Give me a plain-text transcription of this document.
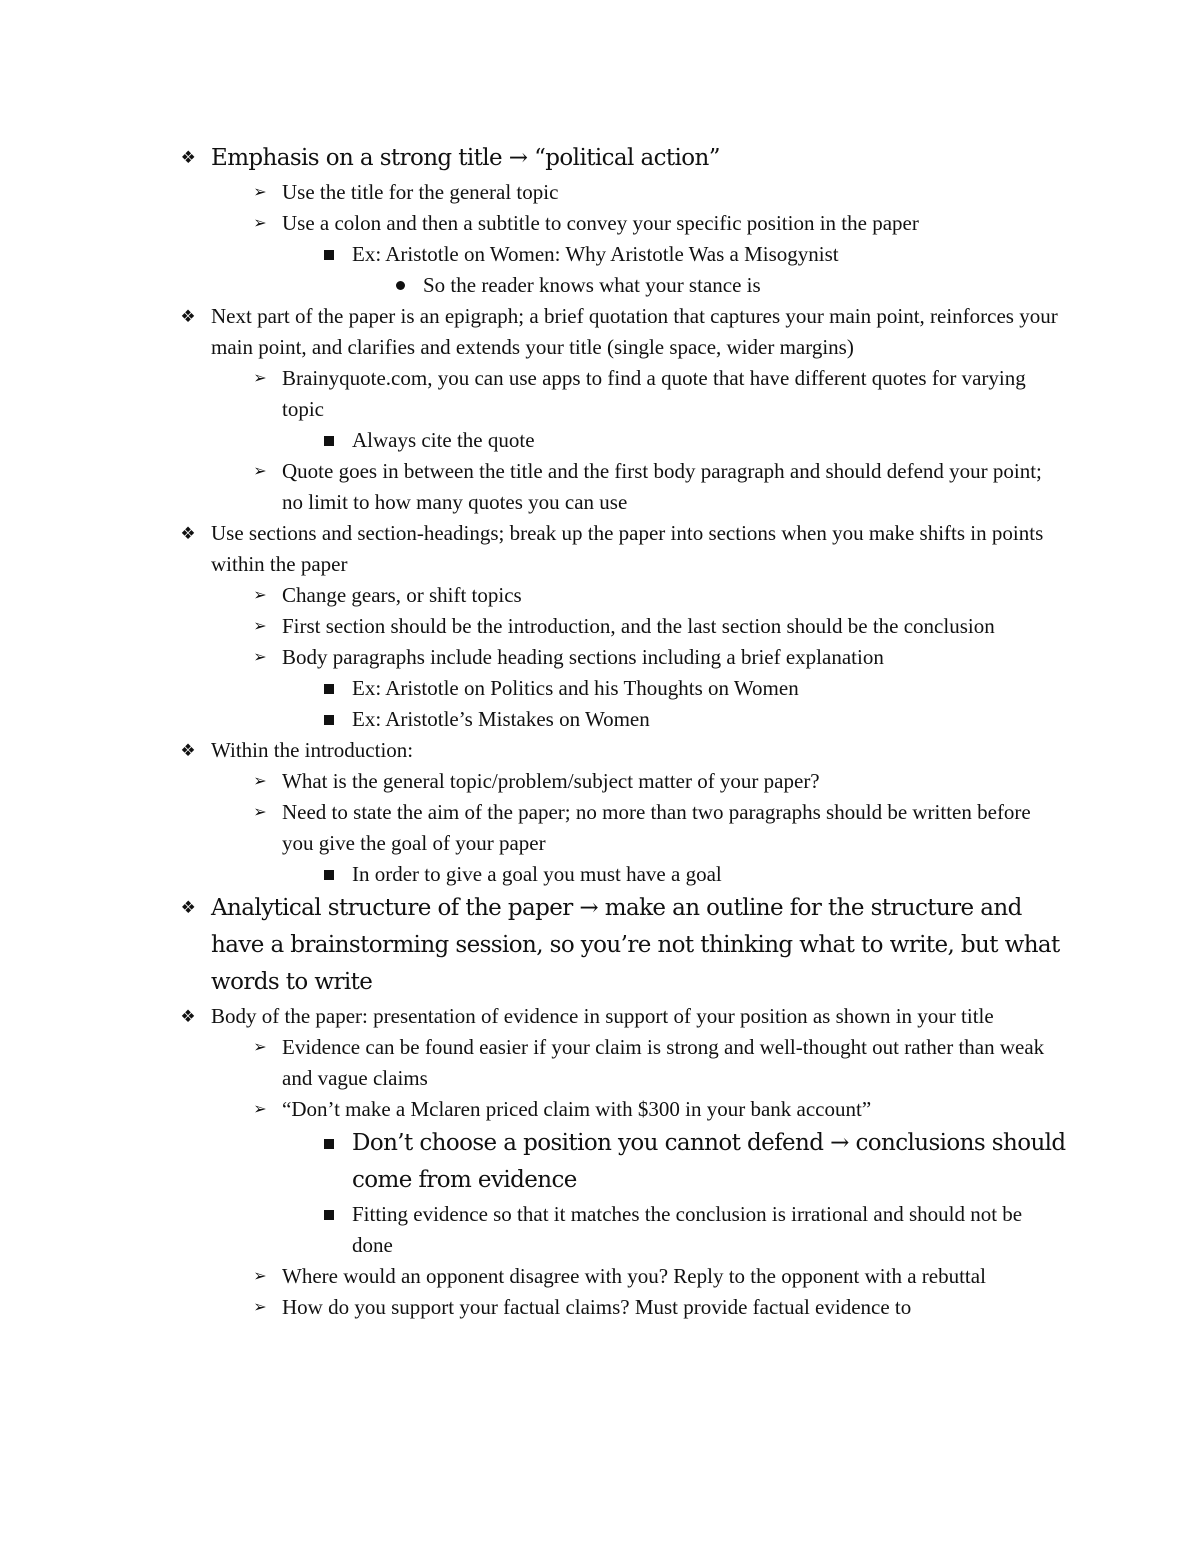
❖ Emphasis on a strong title → “political action”
➢ Use the title for the general topic
➢ Use a colon and then a subtitle to convey your specific position in the paper
Ex: Aristotle on Women: Why Aristotle Was a Misogynist
So the reader knows what your stance is
❖ Next part of the paper is an epigraph; a brief quotation that captures your main point, reinforces your main point, and clarifies and extends your title (single space, wider margins)
➢ Brainyquote.com, you can use apps to find a quote that have different quotes for varying topic
Always cite the quote
➢ Quote goes in between the title and the first body paragraph and should defend your point; no limit to how many quotes you can use
❖ Use sections and section-headings; break up the paper into sections when you make shifts in points within the paper
➢ Change gears, or shift topics
➢ First section should be the introduction, and the last section should be the conclusion
➢ Body paragraphs include heading sections including a brief explanation
Ex: Aristotle on Politics and his Thoughts on Women
Ex: Aristotle’s Mistakes on Women
❖ Within the introduction:
➢ What is the general topic/problem/subject matter of your paper?
➢ Need to state the aim of the paper; no more than two paragraphs should be written before you give the goal of your paper
In order to give a goal you must have a goal
❖ Analytical structure of the paper → make an outline for the structure and have a brainstorming session, so you’re not thinking what to write, but what words to write
❖ Body of the paper: presentation of evidence in support of your position as shown in your title
➢ Evidence can be found easier if your claim is strong and well-thought out rather than weak and vague claims
➢ “Don’t make a Mclaren priced claim with $300 in your bank account”
Don’t choose a position you cannot defend → conclusions should come from evidence
Fitting evidence so that it matches the conclusion is irrational and should not be done
➢ Where would an opponent disagree with you? Reply to the opponent with a rebuttal
➢ How do you support your factual claims? Must provide factual evidence to
